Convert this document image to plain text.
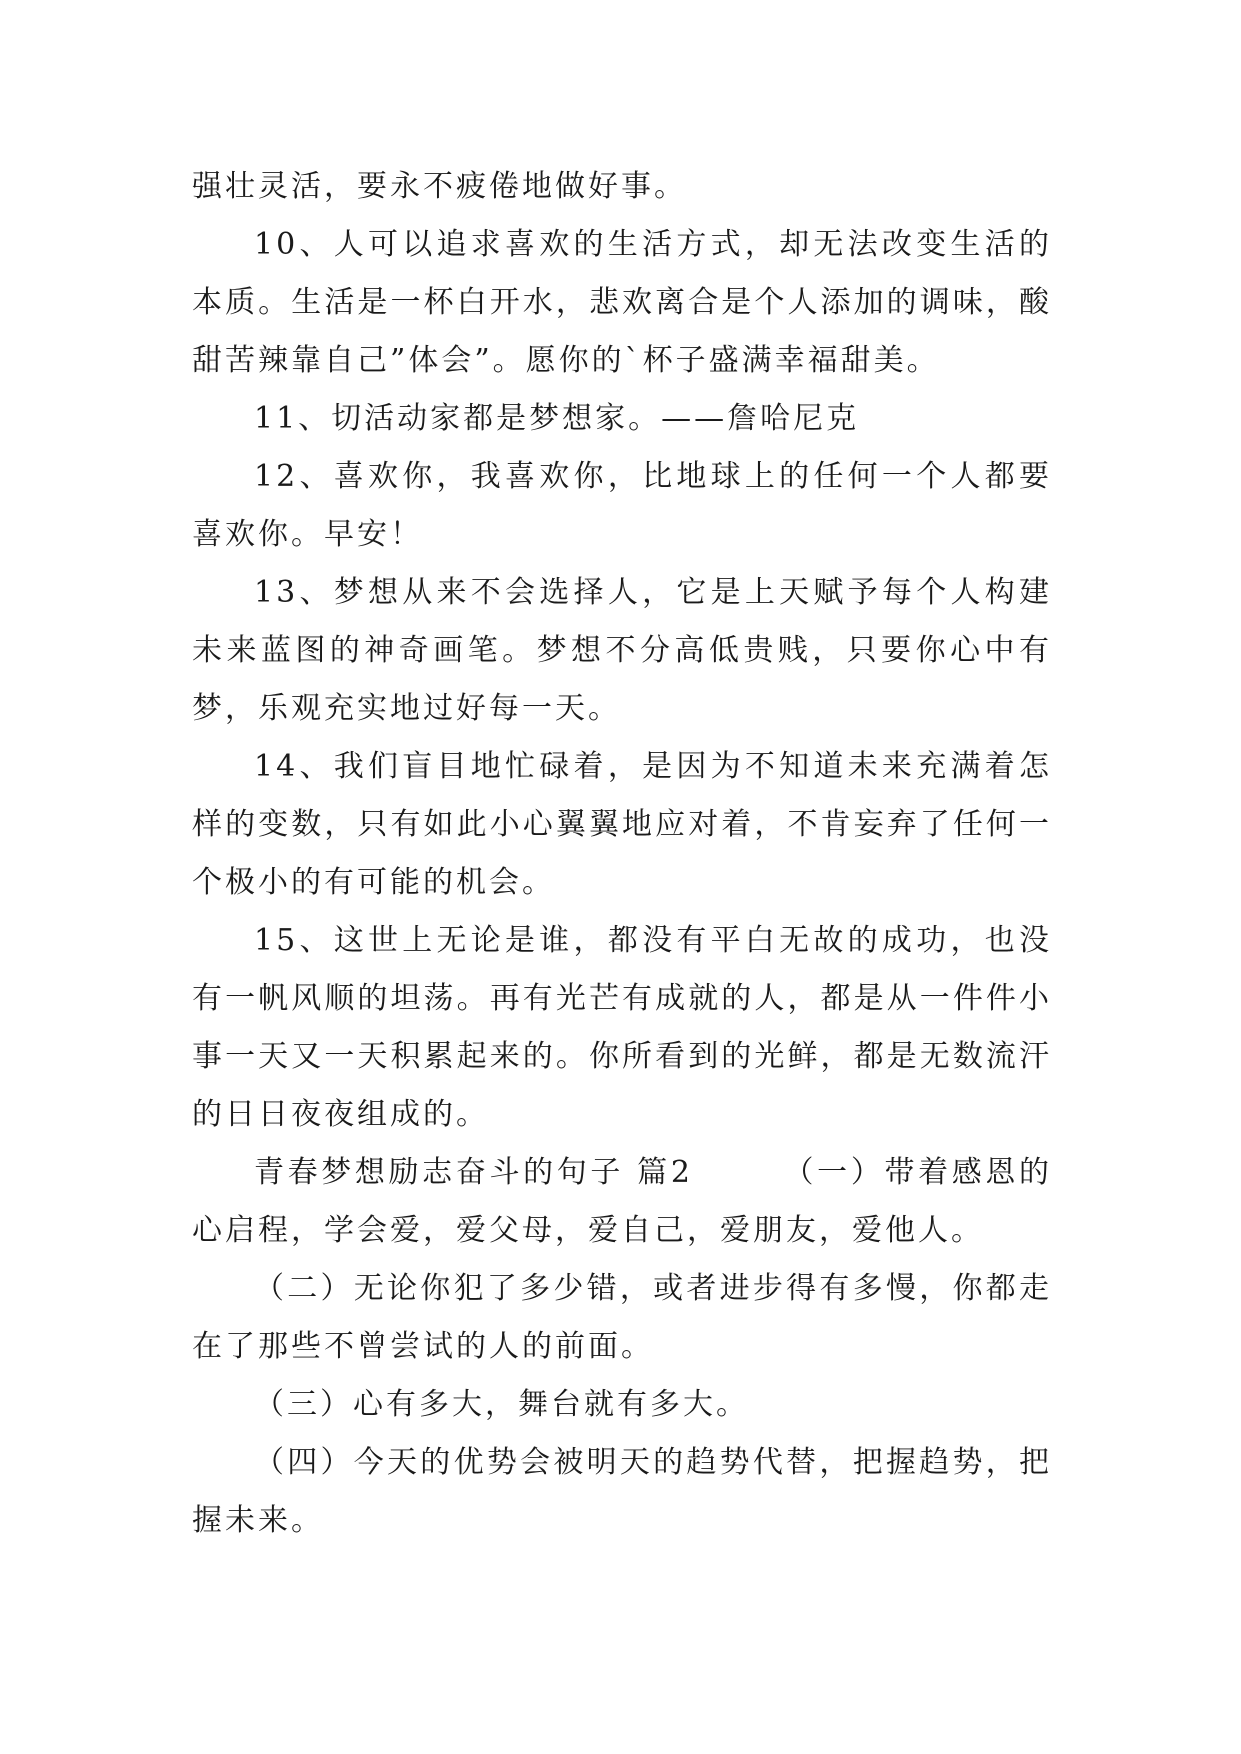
强壮灵活，要永不疲倦地做好事。

10、人可以追求喜欢的生活方式，却无法改变生活的本质。生活是一杯白开水，悲欢离合是个人添加的调味，酸甜苦辣靠自己”体会”。愿你的`杯子盛满幸福甜美。

11、切活动家都是梦想家。——詹哈尼克

12、喜欢你，我喜欢你，比地球上的任何一个人都要喜欢你。早安！

13、梦想从来不会选择人，它是上天赋予每个人构建未来蓝图的神奇画笔。梦想不分高低贵贱，只要你心中有梦，乐观充实地过好每一天。

14、我们盲目地忙碌着，是因为不知道未来充满着怎样的变数，只有如此小心翼翼地应对着，不肯妄弃了任何一个极小的有可能的机会。

15、这世上无论是谁，都没有平白无故的成功，也没有一帆风顺的坦荡。再有光芒有成就的人，都是从一件件小事一天又一天积累起来的。你所看到的光鲜，都是无数流汗的日日夜夜组成的。

青春梦想励志奋斗的句子 篇2	（一）带着感恩的心启程，学会爱，爱父母，爱自己，爱朋友，爱他人。

（二）无论你犯了多少错，或者进步得有多慢，你都走在了那些不曾尝试的人的前面。

（三）心有多大，舞台就有多大。

（四）今天的优势会被明天的趋势代替，把握趋势，把握未来。
